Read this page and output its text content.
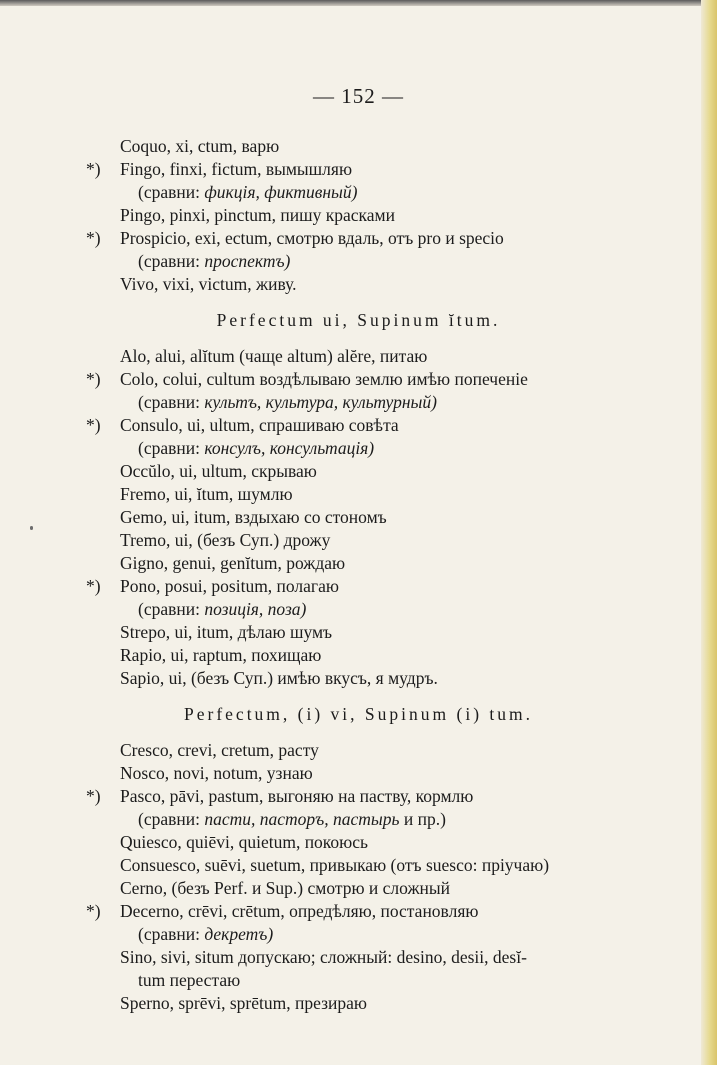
— 152 —
Coquo, xi, ctum, варю
*) Fingo, finxi, fictum, вымышляю
(сравни: фикція, фиктивный)
Pingo, pinxi, pinctum, пишу красками
*) Prospicio, exi, ectum, смотрю вдаль, отъ pro и specio
(сравни: проспектъ)
Vivo, vixi, victum, живу.
Perfectum ui, Supinum ĭtum.
Alo, alui, alĭtum (чаще altum) alĕre, питаю
*) Colo, colui, cultum воздѣлываю землю имѣю попеченіе
(сравни: культъ, культура, культурный)
*) Consulo, ui, ultum, спрашиваю совѣта
(сравни: консулъ, консультація)
Occŭlo, ui, ultum, скрываю
Fremo, ui, ĭtum, шумлю
Gemo, ui, itum, вздыхаю со стономъ
Tremo, ui, (безъ Суп.) дрожу
Gigno, genui, genĭtum, рождаю
*) Pono, posui, positum, полагаю
(сравни: позиція, поза)
Strepo, ui, itum, дѣлаю шумъ
Rapio, ui, raptum, похищаю
Sapio, ui, (безъ Суп.) имѣю вкусъ, я мудръ.
Perfectum, (i) vi, Supinum (i) tum.
Cresco, crevi, cretum, расту
Nosco, novi, notum, узнаю
*) Pasco, pāvi, pastum, выгоняю на паству, кормлю
(сравни: пасти, пасторъ, пастырь и пр.)
Quiesco, quiēvi, quietum, покоюсь
Consuesco, suēvi, suetum, привыкаю (отъ suesco: пріучаю)
Cerno, (безъ Perf. и Sup.) смотрю и сложный
*) Decerno, crēvi, crētum, опредѣляю, постановляю
(сравни: декретъ)
Sino, sivi, situm допускаю; сложный: desino, desii, desĭ-
tum перестаю
Sperno, sprēvi, sprētum, презираю
